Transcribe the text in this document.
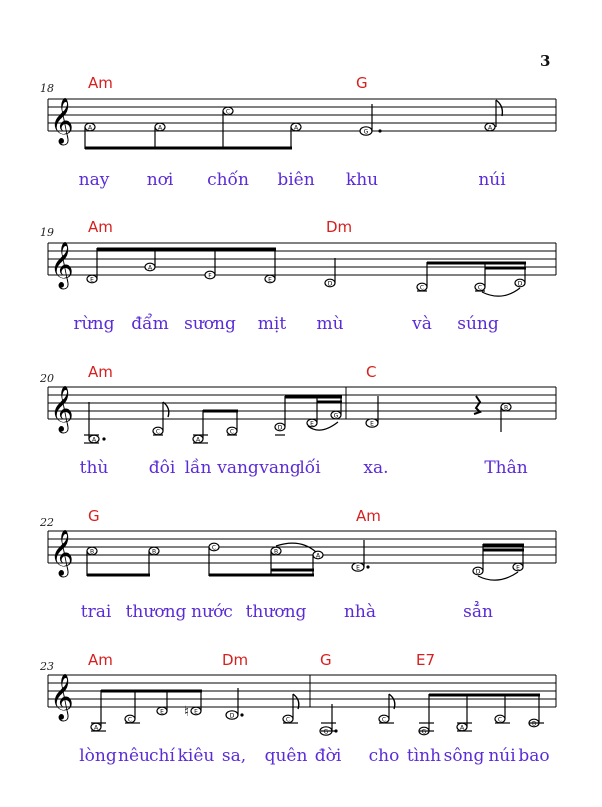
3
18 Am	G
𝄞 A	A
C
A
G
A
nay nơi chốn biên khu	núi
19 Am	Dm
𝄞	E
A
F
E
D
C	C
D
rừng đẩm sương mịt mù	và súng
20 Am	C
𝄞
A
C
A
C
D
E
G
E
B
thù đôi lần vang vang
lối	xa.	Thân
22 G	Am
𝄞	B	B
C
B
A
E
D
E
trai thương nước thương nhà	sẳn
23 Am	Dm	G	E7
𝄞	♮
A
C
E	E
D
C
G
C
G
A
C
B
lòng nêu chí kiêu sa, quên đời cho tình sông núi bao
